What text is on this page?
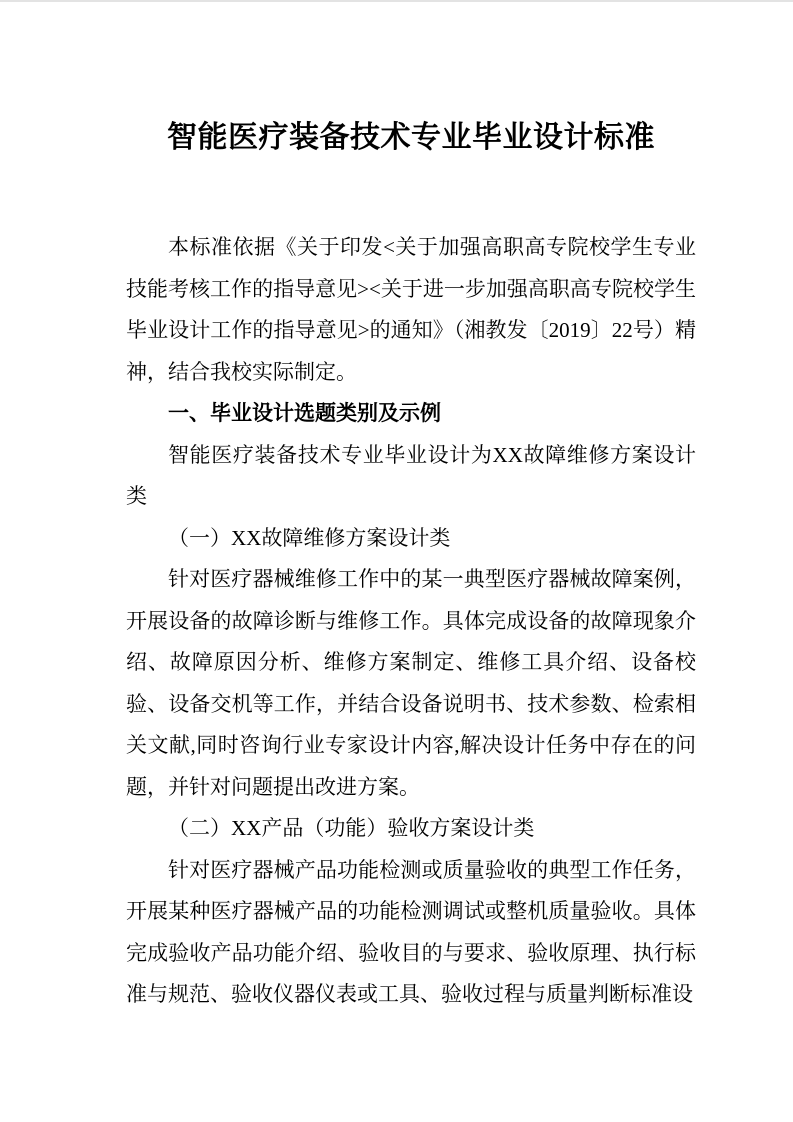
智能医疗装备技术专业毕业设计标准

本标准依据《关于印发<关于加强高职高专院校学生专业技能考核工作的指导意见><关于进一步加强高职高专院校学生毕业设计工作的指导意见>的通知》（湘教发〔2019〕22号）精神，结合我校实际制定。

一、毕业设计选题类别及示例

智能医疗装备技术专业毕业设计为XX故障维修方案设计类

（一）XX故障维修方案设计类

针对医疗器械维修工作中的某一典型医疗器械故障案例，开展设备的故障诊断与维修工作。具体完成设备的故障现象介绍、故障原因分析、维修方案制定、维修工具介绍、设备校验、设备交机等工作，并结合设备说明书、技术参数、检索相关文献,同时咨询行业专家设计内容,解决设计任务中存在的问题，并针对问题提出改进方案。

（二）XX产品（功能）验收方案设计类

针对医疗器械产品功能检测或质量验收的典型工作任务，开展某种医疗器械产品的功能检测调试或整机质量验收。具体完成验收产品功能介绍、验收目的与要求、验收原理、执行标准与规范、验收仪器仪表或工具、验收过程与质量判断标准设
